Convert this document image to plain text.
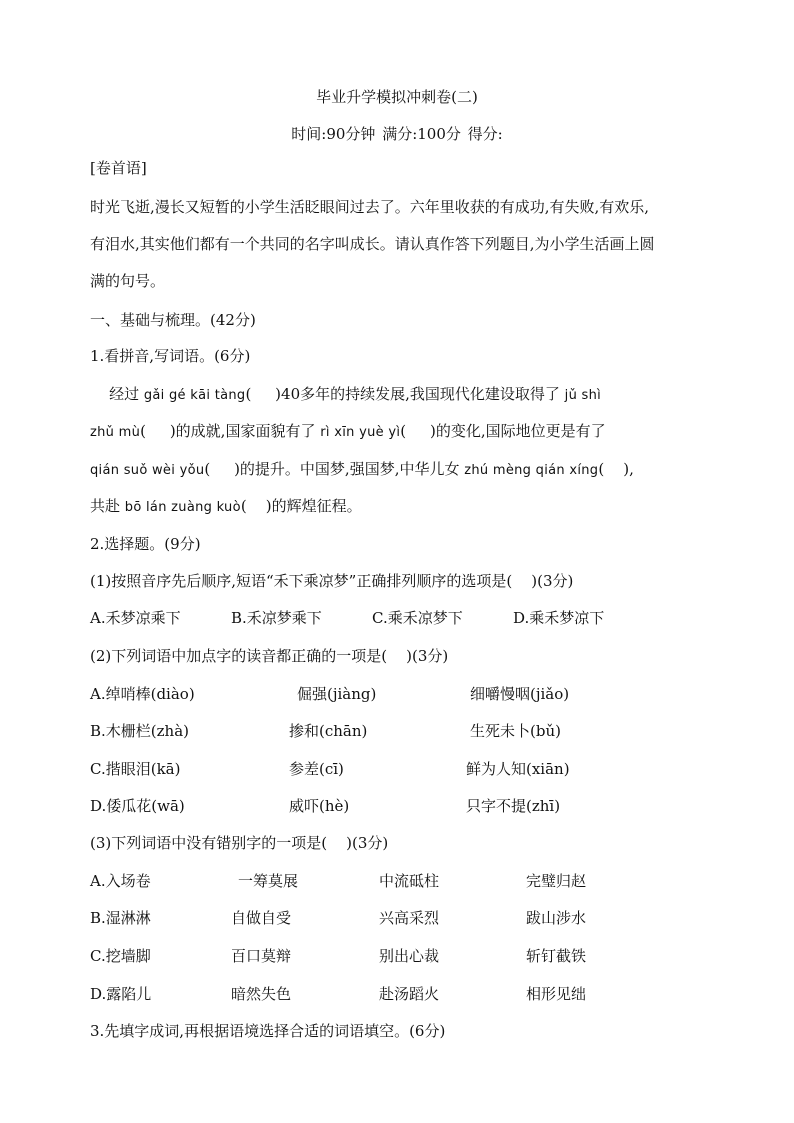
毕业升学模拟冲刺卷(二)
时间:90分钟 满分:100分 得分:
[卷首语]
时光飞逝,漫长又短暂的小学生活眨眼间过去了。六年里收获的有成功,有失败,有欢乐,
有泪水,其实他们都有一个共同的名字叫成长。请认真作答下列题目,为小学生活画上圆
满的句号。
一、基础与梳理。(42分)
1.看拼音,写词语。(6分)
经过 gǎi gé kāi tàng(     )40多年的持续发展,我国现代化建设取得了 jǔ shì
zhǔ mù(     )的成就,国家面貌有了 rì xīn yuè yì(     )的变化,国际地位更是有了
qián suǒ wèi yǒu(     )的提升。中国梦,强国梦,中华儿女 zhú mèng qián xíng(    ),
共赴 bō lán zuàng kuò(    )的辉煌征程。
2.选择题。(9分)
(1)按照音序先后顺序,短语“禾下乘凉梦”正确排列顺序的选项是(    )(3分)
A.禾梦凉乘下	B.禾凉梦乘下	C.乘禾凉梦下	D.乘禾梦凉下
(2)下列词语中加点字的读音都正确的一项是(    )(3分)
A.绰哨棒(diào)	倔强(jiàng)	细嚼慢咽(jiǎo)
B.木栅栏(zhà)	掺和(chān)	生死未卜(bǔ)
C.揩眼泪(kā)	参差(cī)	鲜为人知(xiān)
D.倭瓜花(wā)	威吓(hè)	只字不提(zhī)
(3)下列词语中没有错别字的一项是(    )(3分)
A.入场卷	一筹莫展	中流砥柱	完璧归赵
B.湿淋淋	自做自受	兴高采烈	跋山涉水
C.挖墙脚	百口莫辩	别出心裁	斩钉截铁
D.露陷儿	暗然失色	赴汤蹈火	相形见绌
3.先填字成词,再根据语境选择合适的词语填空。(6分)
